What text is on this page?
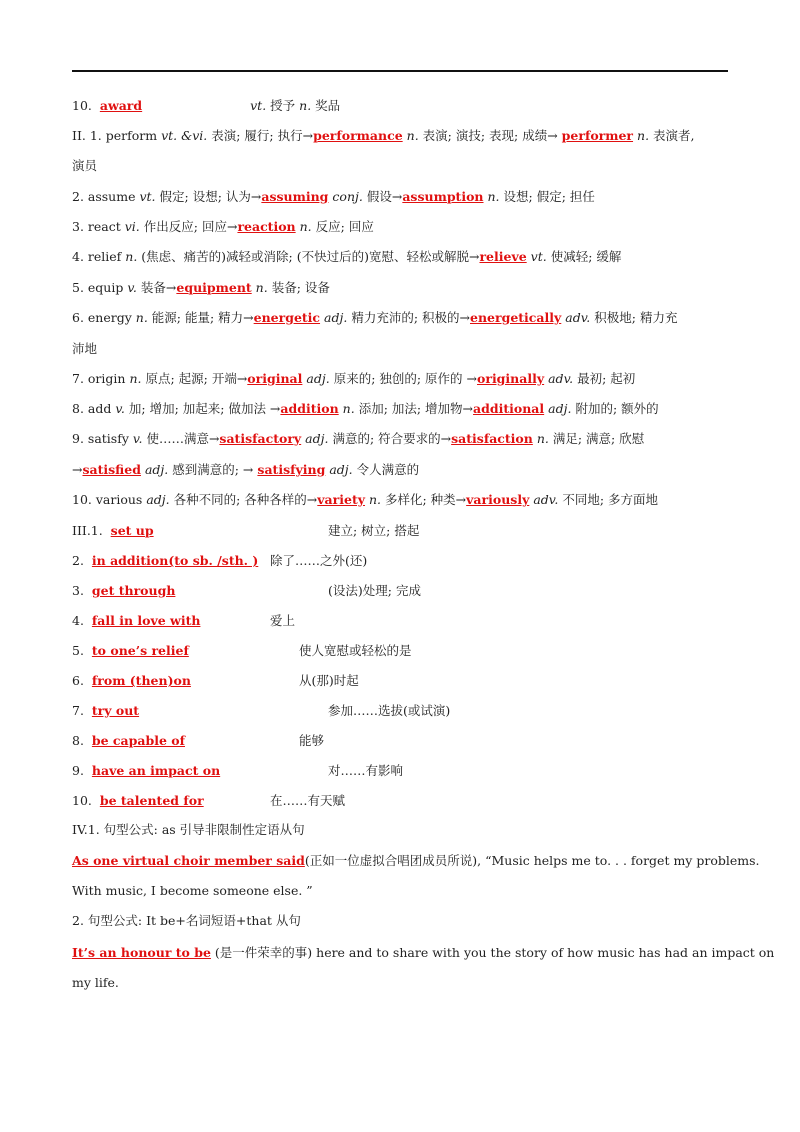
10. award	vt. 授予 n. 奖品
II. 1. perform vt. &vi. 表演; 履行; 执行→performance n. 表演; 演技; 表现; 成绩→ performer n. 表演者,
演员
2. assume vt. 假定; 设想; 认为→assuming conj. 假设→assumption n. 设想; 假定; 担任
3. react vi. 作出反应; 回应→reaction n. 反应; 回应
4. relief n. (焦虑、痛苦的)减轻或消除; (不快过后的)宽慰、轻松或解脱→relieve vt. 使减轻; 缓解
5. equip v. 装备→equipment n. 装备; 设备
6. energy n. 能源; 能量; 精力→energetic adj. 精力充沛的; 积极的→energetically adv. 积极地; 精力充
沛地
7. origin n. 原点; 起源; 开端→original adj. 原来的; 独创的; 原作的 →originally adv. 最初; 起初
8. add v. 加; 增加; 加起来; 做加法 →addition n. 添加; 加法; 增加物→additional adj. 附加的; 额外的
9. satisfy v. 使……满意→satisfactory adj. 满意的; 符合要求的→satisfaction n. 满足; 满意; 欣慰
→satisfied adj. 感到满意的; → satisfying adj. 令人满意的
10. various adj. 各种不同的; 各种各样的→variety n. 多样化; 种类→variously adv. 不同地; 多方面地
III.1. set up	建立; 树立; 搭起
2. in addition(to sb. /sth. ) 除了……之外(还)
3. get through	(设法)处理; 完成
4. fall in love with	爱上
5. to one’s relief	使人宽慰或轻松的是
6. from (then)on	从(那)时起
7. try out	参加……选拔(或试演)
8. be capable of	能够
9. have an impact on	对……有影响
10. be talented for	在……有天赋
IV.1. 句型公式: as 引导非限制性定语从句
As one virtual choir member said(正如一位虚拟合唱团成员所说), “Music helps me to. . . forget my problems.
With music, I become someone else. ”
2. 句型公式: It be+名词短语+that 从句
It’s an honour to be (是一件荣幸的事) here and to share with you the story of how music has had an impact on
my life.
